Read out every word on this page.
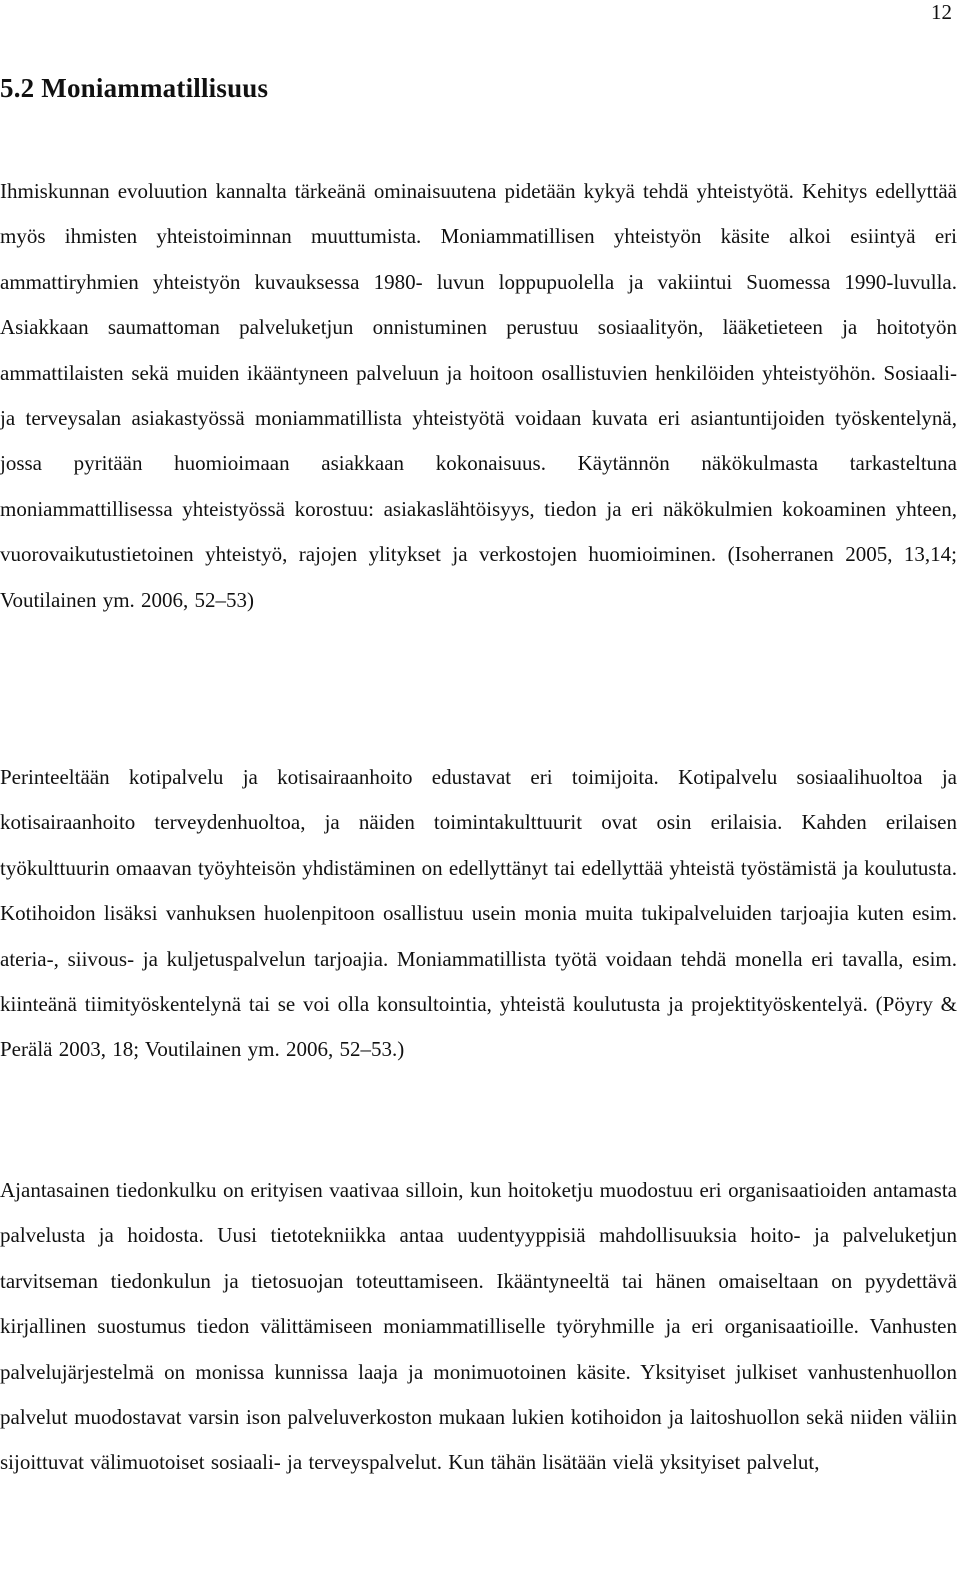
12
5.2 Moniammatillisuus

Ihmiskunnan evoluution kannalta tärkeänä ominaisuutena pidetään kykyä tehdä yhteistyötä. Kehitys edellyttää myös ihmisten yhteistoiminnan muuttumista. Moniammatillisen yhteistyön käsite alkoi esiintyä eri ammattiryhmien yhteistyön kuvauksessa 1980- luvun loppupuolella ja vakiintui Suomessa 1990-luvulla. Asiakkaan saumattoman palveluketjun onnistuminen perustuu sosiaalityön, lääketieteen ja hoitotyön ammattilaisten sekä muiden ikääntyneen palveluun ja hoitoon osallistuvien henkilöiden yhteistyöhön. Sosiaali- ja terveysalan asiakastyössä moniammatillista yhteistyötä voidaan kuvata eri asiantuntijoiden työskentelynä, jossa pyritään huomioimaan asiakkaan kokonaisuus. Käytännön näkökulmasta tarkasteltuna moniammattillisessa yhteistyössä korostuu: asiakaslähtöisyys, tiedon ja eri näkökulmien kokoaminen yhteen, vuorovaikutustietoinen yhteistyö, rajojen ylitykset ja verkostojen huomioiminen. (Isoherranen 2005, 13,14; Voutilainen ym. 2006, 52–53)

Perinteeltään kotipalvelu ja kotisairaanhoito edustavat eri toimijoita. Kotipalvelu sosiaalihuoltoa ja kotisairaanhoito terveydenhuoltoa, ja näiden toimintakulttuurit ovat osin erilaisia. Kahden erilaisen työkulttuurin omaavan työyhteisön yhdistäminen on edellyttänyt tai edellyttää yhteistä työstämistä ja koulutusta. Kotihoidon lisäksi vanhuksen huolenpitoon osallistuu usein monia muita tukipalveluiden tarjoajia kuten esim. ateria-, siivous- ja kuljetuspalvelun tarjoajia. Moniammatillista työtä voidaan tehdä monella eri tavalla, esim. kiinteänä tiimityöskentelynä tai se voi olla konsultointia, yhteistä koulutusta ja projektityöskentelyä. (Pöyry & Perälä 2003, 18; Voutilainen ym. 2006, 52–53.)

Ajantasainen tiedonkulku on erityisen vaativaa silloin, kun hoitoketju muodostuu eri organisaatioiden antamasta palvelusta ja hoidosta. Uusi tietotekniikka antaa uudentyyppisiä mahdollisuuksia hoito- ja palveluketjun tarvitseman tiedonkulun ja tietosuojan toteuttamiseen. Ikääntyneeltä tai hänen omaiseltaan on pyydettävä kirjallinen suostumus tiedon välittämiseen moniammatilliselle työryhmille ja eri organisaatioille. Vanhusten palvelujärjestelmä on monissa kunnissa laaja ja monimuotoinen käsite. Yksityiset julkiset vanhustenhuollon palvelut muodostavat varsin ison palveluverkoston mukaan lukien kotihoidon ja laitoshuollon sekä niiden väliin sijoittuvat välimuotoiset sosiaali- ja terveyspalvelut. Kun tähän lisätään vielä yksityiset palvelut,
